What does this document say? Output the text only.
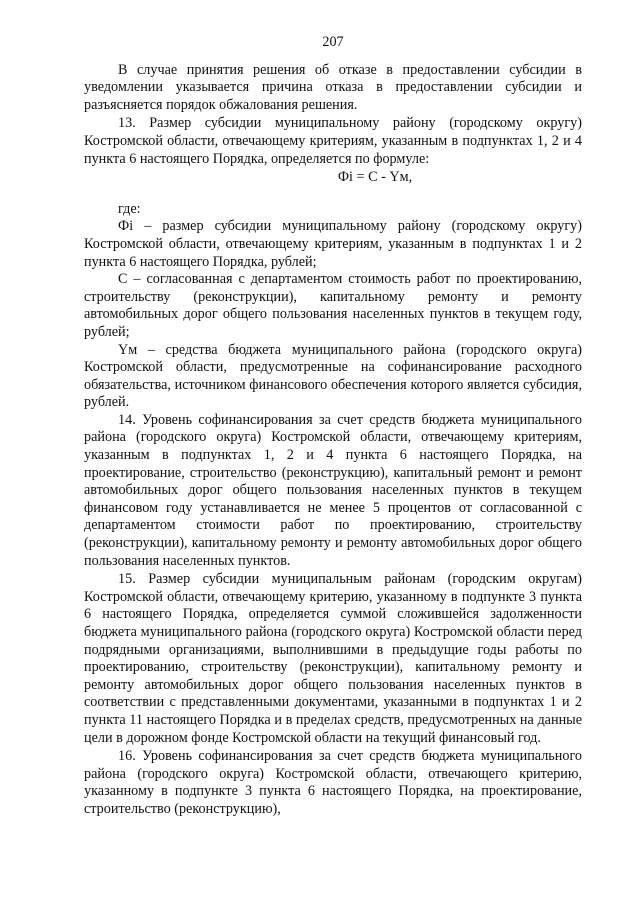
207

В случае принятия решения об отказе в предоставлении субсидии в уведомлении указывается причина отказа в предоставлении субсидии и разъясняется порядок обжалования решения.

13. Размер субсидии муниципальному району (городскому округу) Костромской области, отвечающему критериям, указанным в подпунктах 1, 2 и 4 пункта 6 настоящего Порядка, определяется по формуле:

Фi = С - Yм,

где:

Фi – размер субсидии муниципальному району (городскому округу) Костромской области, отвечающему критериям, указанным в подпунктах 1 и 2 пункта 6 настоящего Порядка, рублей;

С – согласованная с департаментом стоимость работ по проектированию, строительству (реконструкции), капитальному ремонту и ремонту автомобильных дорог общего пользования населенных пунктов в текущем году, рублей;

Yм – средства бюджета муниципального района (городского округа) Костромской области, предусмотренные на софинансирование расходного обязательства, источником финансового обеспечения которого является субсидия, рублей.

14. Уровень софинансирования за счет средств бюджета муниципального района (городского округа) Костромской области, отвечающему критериям, указанным в подпунктах 1, 2 и 4 пункта 6 настоящего Порядка, на проектирование, строительство (реконструкцию), капитальный ремонт и ремонт автомобильных дорог общего пользования населенных пунктов в текущем финансовом году устанавливается не менее 5 процентов от согласованной с департаментом стоимости работ по проектированию, строительству (реконструкции), капитальному ремонту и ремонту автомобильных дорог общего пользования населенных пунктов.

15. Размер субсидии муниципальным районам (городским округам) Костромской области, отвечающему критерию, указанному в подпункте 3 пункта 6 настоящего Порядка, определяется суммой сложившейся задолженности бюджета муниципального района (городского округа) Костромской области перед подрядными организациями, выполнившими в предыдущие годы работы по проектированию, строительству (реконструкции), капитальному ремонту и ремонту автомобильных дорог общего пользования населенных пунктов в соответствии с представленными документами, указанными в подпунктах 1 и 2 пункта 11 настоящего Порядка и в пределах средств, предусмотренных на данные цели в дорожном фонде Костромской области на текущий финансовый год.

16. Уровень софинансирования за счет средств бюджета муниципального района (городского округа) Костромской области, отвечающего критерию, указанному в подпункте 3 пункта 6 настоящего Порядка, на проектирование, строительство (реконструкцию),
